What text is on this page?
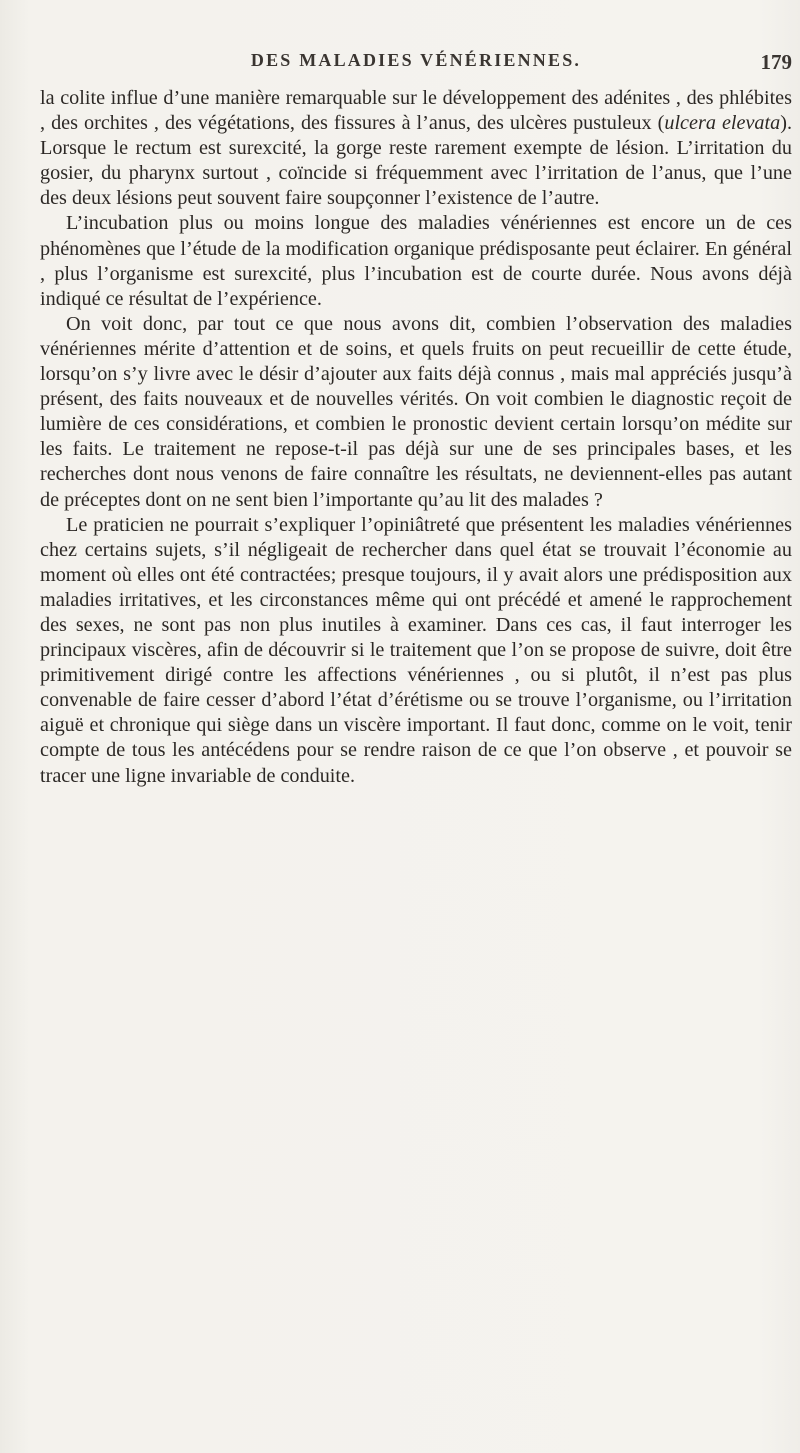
DES MALADIES VÉNÉRIENNES.	179

la colite influe d’une manière remarquable sur le développement des adénites , des phlébites , des orchites , des végétations, des fissures à l’anus, des ulcères pustuleux (ulcera elevata). Lorsque le rectum est surexcité, la gorge reste rarement exempte de lésion. L’irritation du gosier, du pharynx surtout , coïncide si fréquemment avec l’irritation de l’anus, que l’une des deux lésions peut souvent faire soupçonner l’existence de l’autre.

L’incubation plus ou moins longue des maladies vénériennes est encore un de ces phénomènes que l’étude de la modification organique prédisposante peut éclairer. En général , plus l’organisme est surexcité, plus l’incubation est de courte durée. Nous avons déjà indiqué ce résultat de l’expérience.

On voit donc, par tout ce que nous avons dit, combien l’observation des maladies vénériennes mérite d’attention et de soins, et quels fruits on peut recueillir de cette étude, lorsqu’on s’y livre avec le désir d’ajouter aux faits déjà connus , mais mal appréciés jusqu’à présent, des faits nouveaux et de nouvelles vérités. On voit combien le diagnostic reçoit de lumière de ces considérations, et combien le pronostic devient certain lorsqu’on médite sur les faits. Le traitement ne repose-t-il pas déjà sur une de ses principales bases, et les recherches dont nous venons de faire connaître les résultats, ne deviennent-elles pas autant de préceptes dont on ne sent bien l’importante qu’au lit des malades ?

Le praticien ne pourrait s’expliquer l’opiniâtreté que présentent les maladies vénériennes chez certains sujets, s’il négligeait de rechercher dans quel état se trouvait l’économie au moment où elles ont été contractées; presque toujours, il y avait alors une prédisposition aux maladies irritatives, et les circonstances même qui ont précédé et amené le rapprochement des sexes, ne sont pas non plus inutiles à examiner. Dans ces cas, il faut interroger les principaux viscères, afin de découvrir si le traitement que l’on se propose de suivre, doit être primitivement dirigé contre les affections vénériennes , ou si plutôt, il n’est pas plus convenable de faire cesser d’abord l’état d’érétisme ou se trouve l’organisme, ou l’irritation aiguë et chronique qui siège dans un viscère important. Il faut donc, comme on le voit, tenir compte de tous les antécédens pour se rendre raison de ce que l’on observe , et pouvoir se tracer une ligne invariable de conduite.
